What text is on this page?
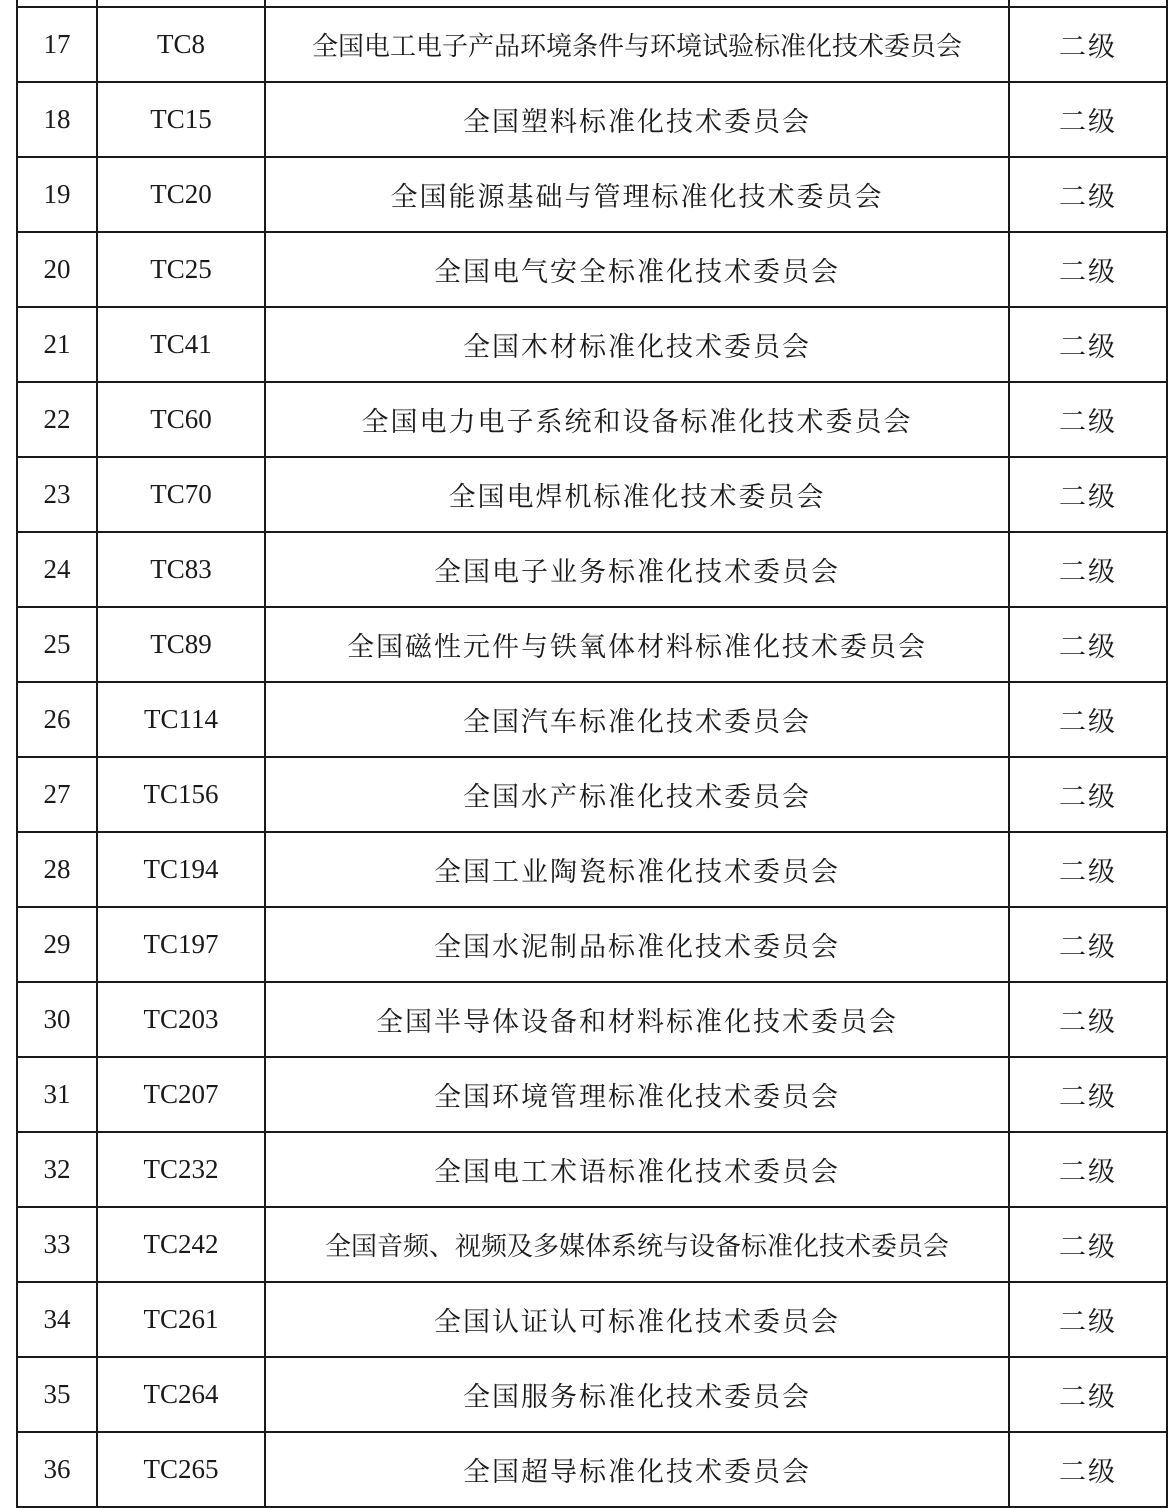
17	TC8	全国电工电子产品环境条件与环境试验标准化技术委员会	二级
18	TC15	全国塑料标准化技术委员会	二级
19	TC20	全国能源基础与管理标准化技术委员会	二级
20	TC25	全国电气安全标准化技术委员会	二级
21	TC41	全国木材标准化技术委员会	二级
22	TC60	全国电力电子系统和设备标准化技术委员会	二级
23	TC70	全国电焊机标准化技术委员会	二级
24	TC83	全国电子业务标准化技术委员会	二级
25	TC89	全国磁性元件与铁氧体材料标准化技术委员会	二级
26	TC114	全国汽车标准化技术委员会	二级
27	TC156	全国水产标准化技术委员会	二级
28	TC194	全国工业陶瓷标准化技术委员会	二级
29	TC197	全国水泥制品标准化技术委员会	二级
30	TC203	全国半导体设备和材料标准化技术委员会	二级
31	TC207	全国环境管理标准化技术委员会	二级
32	TC232	全国电工术语标准化技术委员会	二级
33	TC242	全国音频、视频及多媒体系统与设备标准化技术委员会	二级
34	TC261	全国认证认可标准化技术委员会	二级
35	TC264	全国服务标准化技术委员会	二级
36	TC265	全国超导标准化技术委员会	二级
